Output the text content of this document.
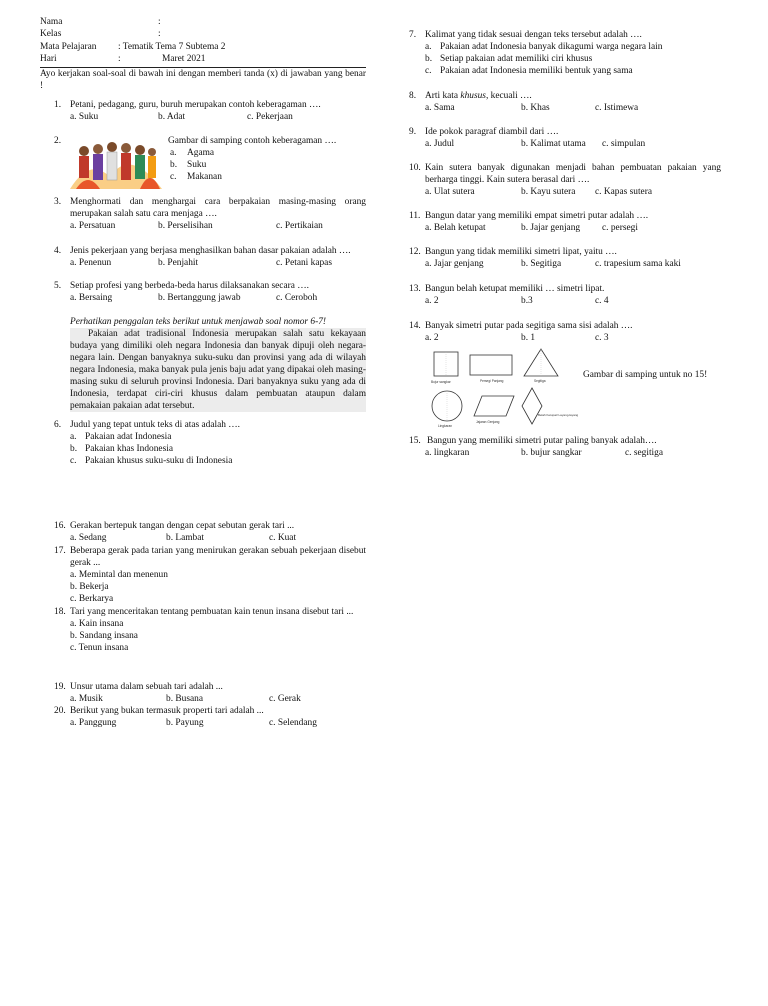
Nama	:
Kelas	:
Mata Pelajaran : Tematik Tema 7 Subtema 2
Hari	:	Maret 2021
Ayo kerjakan soal-soal di bawah ini dengan memberi tanda (x) di jawaban yang benar !
1. Petani, pedagang, guru, buruh merupakan contoh keberagaman ….
a. Suku	b. Adat	c. Pekerjaan
2.	Gambar di samping contoh keberagaman ….
a. Agama
b. Suku
c. Makanan
3. Menghormati dan menghargai cara berpakaian masing-masing orang merupakan salah satu cara menjaga ….
a. Persatuan	b. Perselisihan	c. Pertikaian
4. Jenis pekerjaan yang berjasa menghasilkan bahan dasar pakaian adalah ….
a. Penenun	b. Penjahit	c. Petani kapas
5. Setiap profesi yang berbeda-beda harus dilaksanakan secara ….
a. Bersaing	b. Bertanggung jawab	c. Ceroboh
Perhatikan penggalan teks berikut untuk menjawab soal nomor 6-7!
Pakaian adat tradisional Indonesia merupakan salah satu kekayaan budaya yang dimiliki oleh negara Indonesia dan banyak dipuji oleh negara-negara lain. Dengan banyaknya suku-suku dan provinsi yang ada di wilayah negara Indonesia, maka banyak pula jenis baju adat yang dipakai oleh masing-masing suku di seluruh provinsi Indonesia. Dari banyaknya suku yang ada di Indonesia, terdapat ciri-ciri khusus dalam pembuatan ataupun dalam pemakaian pakaian adat tersebut.
6. Judul yang tepat untuk teks di atas adalah ….
a. Pakaian adat Indonesia
b. Pakaian khas Indonesia
c. Pakaian khusus suku-suku di Indonesia
16. Gerakan bertepuk tangan dengan cepat sebutan gerak tari ...
a. Sedang	b. Lambat	c. Kuat
17. Beberapa gerak pada tarian yang menirukan gerakan sebuah pekerjaan disebut gerak ...
a. Memintal dan menenun
b. Bekerja
c. Berkarya
18. Tari yang menceritakan tentang pembuatan kain tenun insana disebut tari ...
a. Kain insana
b. Sandang insana
c. Tenun insana
19. Unsur utama dalam sebuah tari adalah ...
a. Musik	b. Busana	c. Gerak
20. Berikut yang bukan termasuk properti tari adalah ...
a. Panggung	b. Payung	c. Selendang
7. Kalimat yang tidak sesuai dengan teks tersebut adalah ….
a. Pakaian adat Indonesia banyak dikagumi warga negara lain
b. Setiap pakaian adat memiliki ciri khusus
c. Pakaian adat Indonesia memiliki bentuk yang sama
8. Arti kata khusus, kecuali ….
a. Sama	b. Khas	c. Istimewa
9. Ide pokok paragraf diambil dari ….
a. Judul	b. Kalimat utama c. simpulan
10. Kain sutera banyak digunakan menjadi bahan pembuatan pakaian yang berharga tinggi. Kain sutera berasal dari ….
a. Ulat sutera	b. Kayu sutera c. Kapas sutera
11. Bangun datar yang memiliki empat simetri putar adalah ….
a. Belah ketupat	b. Jajar genjang c. persegi
12. Bangun yang tidak memiliki simetri lipat, yaitu ….
a. Jajar genjang	b. Segitiga	c. trapesium sama kaki
13. Bangun belah ketupat memiliki … simetri lipat.
a. 2	b.3	c. 4
14. Banyak simetri putar pada segitiga sama sisi adalah ….
a. 2	b. 1	c. 3
Bujur sangkar	Persegi Panjang	Segitiga
Lingkaran
Jajaran Genjang
Belah Ketupat/ Layang-layang
Gambar di samping untuk no 15!
15. Bangun yang memiliki simetri putar paling banyak adalah….
a. lingkaran	b. bujur sangkar	c. segitiga
